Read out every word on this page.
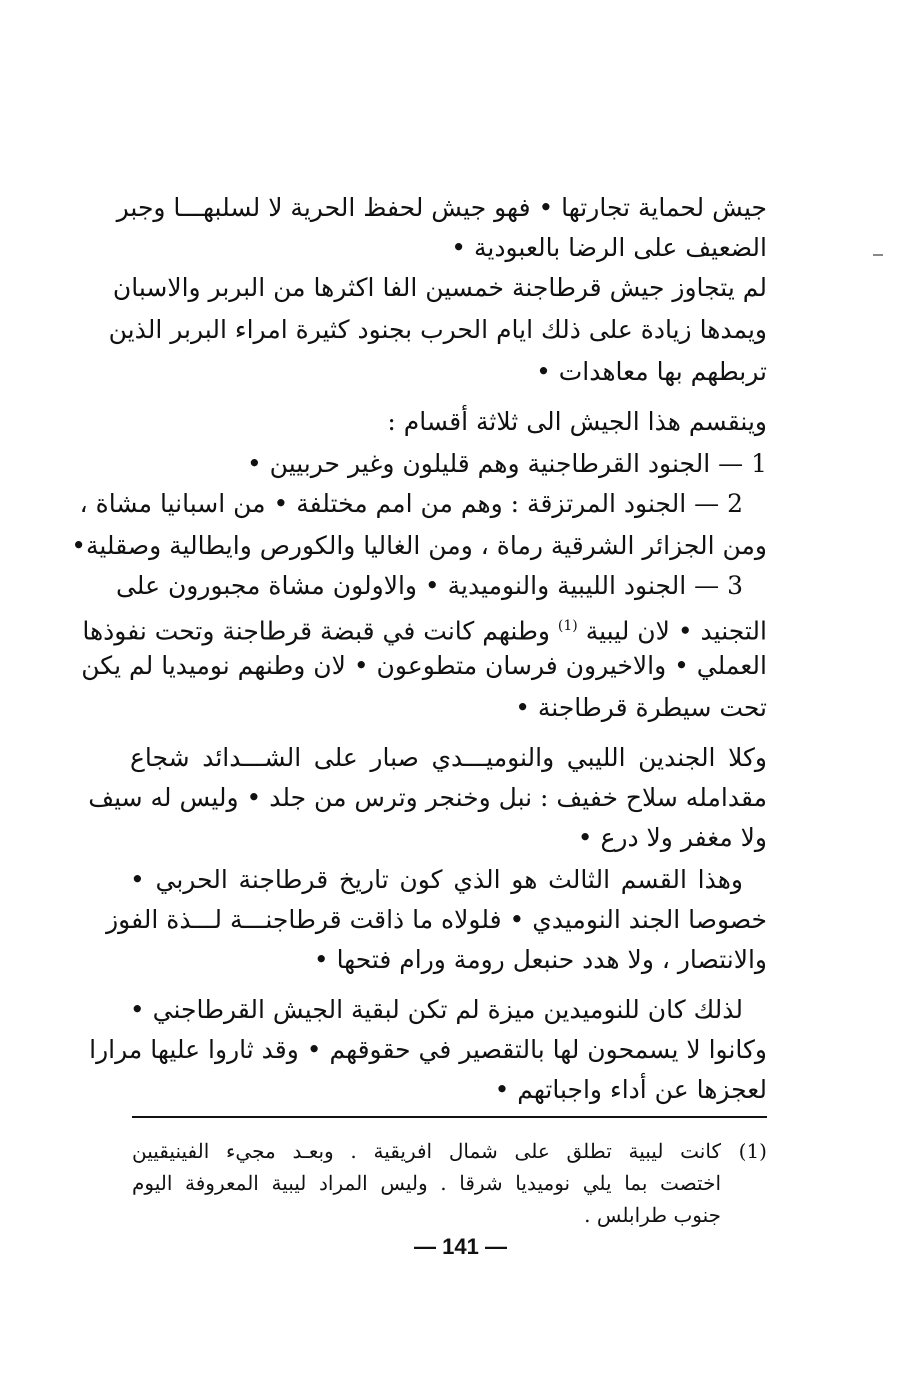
جيش لحماية تجارتها • فهو جيش لحفظ الحرية لا لسلبهـــا وجبر
الضعيف على الرضا بالعبودية •
لم يتجاوز جيش قرطاجنة خمسين الفا اكثرها من البربر والاسبان
ويمدها زيادة على ذلك ايام الحرب بجنود كثيرة امراء البربر الذين
تربطهم بها معاهدات •
وينقسم هذا الجيش الى ثلاثة أقسام :
1 — الجنود القرطاجنية وهم قليلون وغير حربيين •
2 — الجنود المرتزقة : وهم من امم مختلفة • من اسبانيا مشاة ،
ومن الجزائر الشرقية رماة ، ومن الغاليا والكورص وايطالية وصقلية•
3 — الجنود الليبية والنوميدية • والاولون مشاة مجبورون على
التجنيد • لان ليبية $^{(1)}$ وطنهم كانت في قبضة قرطاجنة وتحت نفوذها
العملي • والاخيرون فرسان متطوعون • لان وطنهم نوميديا لم يكن
تحت سيطرة قرطاجنة •
وكلا الجندين الليبي والنوميـــدي صبار على الشـــدائد شجاع
مقدامله سلاح خفيف : نبل وخنجر وترس من جلد • وليس له سيف
ولا مغفر ولا درع •
وهذا القسم الثالث هو الذي كون تاريخ قرطاجنة الحربي •
خصوصا الجند النوميدي • فلولاه ما ذاقت قرطاجنـــة لـــذة الفوز
والانتصار ، ولا هدد حنبعل رومة ورام فتحها •
لذلك كان للنوميدين ميزة لم تكن لبقية الجيش القرطاجني •
وكانوا لا يسمحون لها بالتقصير في حقوقهم • وقد ثاروا عليها مرارا
لعجزها عن أداء واجباتهم •
(1)
كانت ليبية تطلق على شمال افريقية . وبعـد مجيء الفينيقيين
اختصت بما يلي نوميديا شرقا . وليس المراد ليبية المعروفة اليوم
جنوب طرابلس .
— 141 —
